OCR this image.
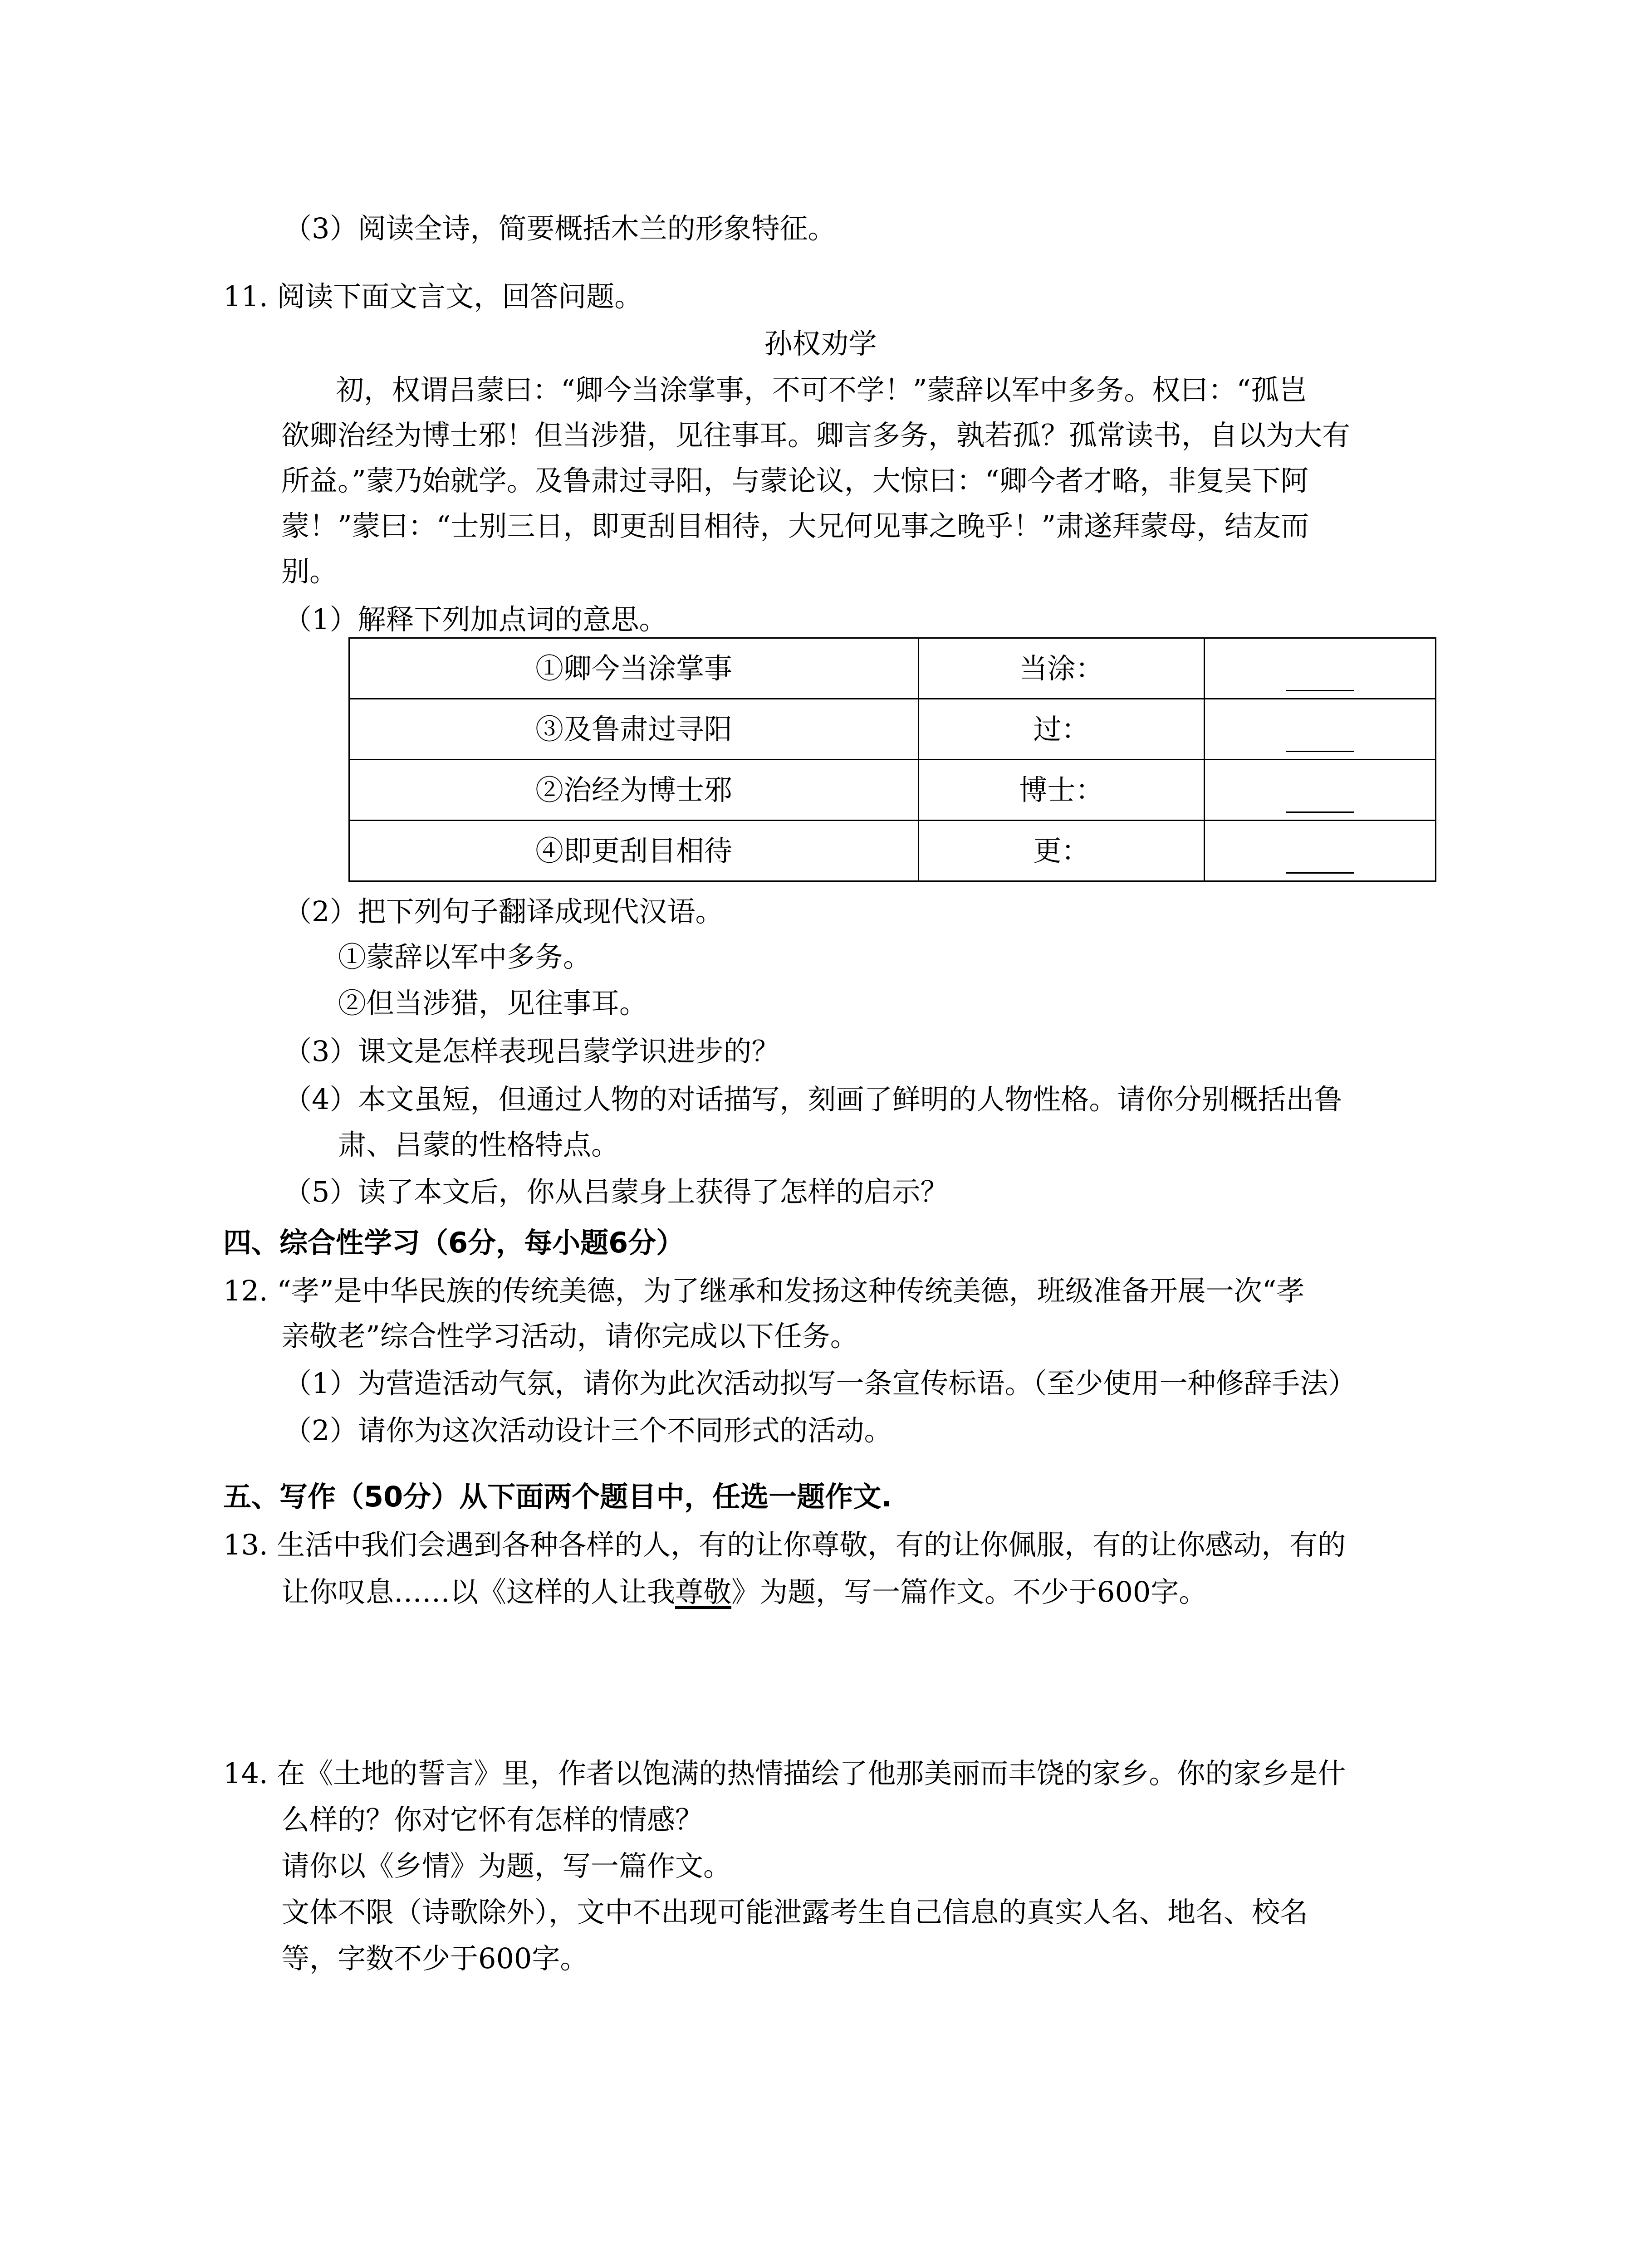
（3）阅读全诗，简要概括木兰的形象特征。
11. 阅读下面文言文，回答问题。
孙权劝学
初，权谓吕蒙曰：“卿今当涂掌事，不可不学！”蒙辞以军中多务。权曰：“孤岂
欲卿治经为博士邪！但当涉猎，见往事耳。卿言多务，孰若孤？孤常读书，自以为大有
所益。”蒙乃始就学。及鲁肃过寻阳，与蒙论议，大惊曰：“卿今者才略，非复吴下阿
蒙！”蒙曰：“士别三日，即更刮目相待，大兄何见事之晚乎！”肃遂拜蒙母，结友而
别。
（1）解释下列加点词的意思。
①卿今当涂掌事	当涂：	
③及鲁肃过寻阳	过：	
②治经为博士邪	博士：	
④即更刮目相待	更：	
（2）把下列句子翻译成现代汉语。
①蒙辞以军中多务。
②但当涉猎，见往事耳。
（3）课文是怎样表现吕蒙学识进步的？
（4）本文虽短，但通过人物的对话描写，刻画了鲜明的人物性格。请你分别概括出鲁
肃、吕蒙的性格特点。
（5）读了本文后，你从吕蒙身上获得了怎样的启示？
四、综合性学习（6分，每小题6分）
12. “孝”是中华民族的传统美德，为了继承和发扬这种传统美德，班级准备开展一次“孝
亲敬老”综合性学习活动，请你完成以下任务。
（1）为营造活动气氛，请你为此次活动拟写一条宣传标语。（至少使用一种修辞手法）
（2）请你为这次活动设计三个不同形式的活动。
五、写作（50分）从下面两个题目中，任选一题作文.
13. 生活中我们会遇到各种各样的人，有的让你尊敬，有的让你佩服，有的让你感动，有的
让你叹息……以《这样的人让我尊敬》为题，写一篇作文。不少于600字。
14. 在《土地的誓言》里，作者以饱满的热情描绘了他那美丽而丰饶的家乡。你的家乡是什
么样的？你对它怀有怎样的情感？
请你以《乡情》为题，写一篇作文。
文体不限（诗歌除外），文中不出现可能泄露考生自己信息的真实人名、地名、校名
等，字数不少于600字。
